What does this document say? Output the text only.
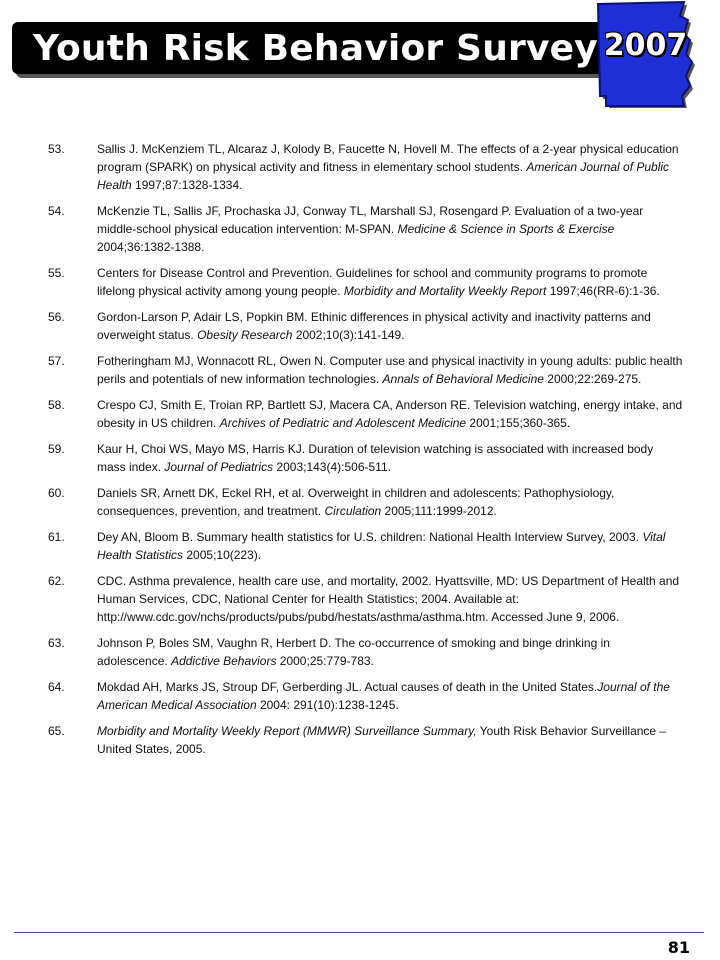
Youth Risk Behavior Survey 2007
53.	Sallis J. McKenziem TL, Alcaraz J, Kolody B, Faucette N, Hovell M. The effects of a 2-year physical education program (SPARK) on physical activity and fitness in elementary school students. American Journal of Public Health 1997;87:1328-1334.
54.	McKenzie TL, Sallis JF, Prochaska JJ, Conway TL, Marshall SJ, Rosengard P. Evaluation of a two-year middle-school physical education intervention: M-SPAN. Medicine & Science in Sports & Exercise 2004;36:1382-1388.
55.	Centers for Disease Control and Prevention. Guidelines for school and community programs to promote lifelong physical activity among young people. Morbidity and Mortality Weekly Report 1997;46(RR-6):1-36.
56.	Gordon-Larson P, Adair LS, Popkin BM. Ethinic differences in physical activity and inactivity patterns and overweight status. Obesity Research 2002;10(3):141-149.
57.	Fotheringham MJ, Wonnacott RL, Owen N. Computer use and physical inactivity in young adults: public health perils and potentials of new information technologies. Annals of Behavioral Medicine 2000;22:269-275.
58.	Crespo CJ, Smith E, Troian RP, Bartlett SJ, Macera CA, Anderson RE. Television watching, energy intake, and obesity in US children. Archives of Pediatric and Adolescent Medicine 2001;155;360-365.
59.	Kaur H, Choi WS, Mayo MS, Harris KJ. Duration of television watching is associated with increased body mass index. Journal of Pediatrics 2003;143(4):506-511.
60.	Daniels SR, Arnett DK, Eckel RH, et al. Overweight in children and adolescents: Pathophysiology, consequences, prevention, and treatment. Circulation 2005;111:1999-2012.
61.	Dey AN, Bloom B. Summary health statistics for U.S. children: National Health Interview Survey, 2003. Vital Health Statistics 2005;10(223).
62.	CDC. Asthma prevalence, health care use, and mortality, 2002. Hyattsville, MD: US Department of Health and Human Services, CDC, National Center for Health Statistics; 2004. Available at: http://www.cdc.gov/nchs/products/pubs/pubd/hestats/asthma/asthma.htm. Accessed June 9, 2006.
63.	Johnson P, Boles SM, Vaughn R, Herbert D. The co-occurrence of smoking and binge drinking in adolescence. Addictive Behaviors 2000;25:779-783.
64.	Mokdad AH, Marks JS, Stroup DF, Gerberding JL. Actual causes of death in the United States.Journal of the American Medical Association 2004: 291(10):1238-1245.
65.	Morbidity and Mortality Weekly Report (MMWR) Surveillance Summary, Youth Risk Behavior Surveillance – United States, 2005.
81
